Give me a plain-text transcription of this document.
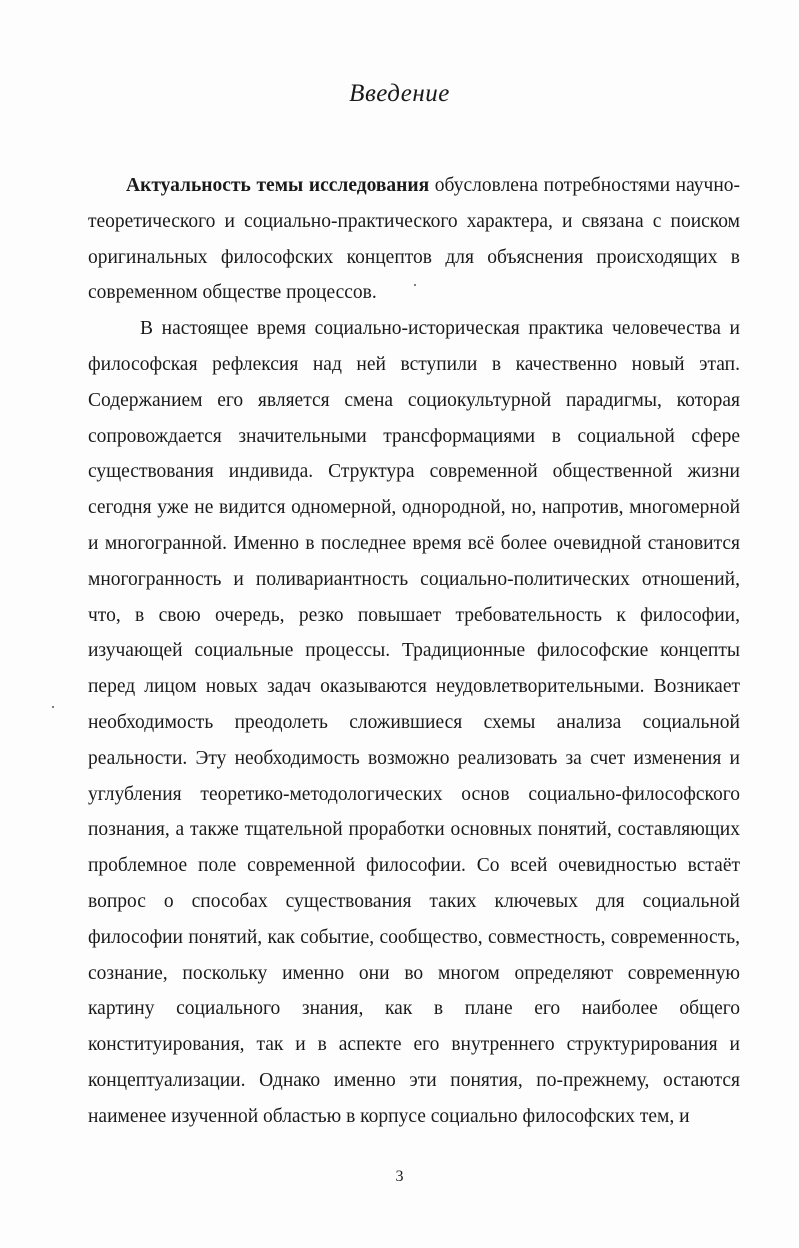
Введение

Актуальность темы исследования обусловлена потребностями научно-теоретического и социально-практического характера, и связана с поиском оригинальных философских концептов для объяснения происходящих в современном обществе процессов.

В настоящее время социально-историческая практика человечества и философская рефлексия над ней вступили в качественно новый этап. Содержанием его является смена социокультурной парадигмы, которая сопровождается значительными трансформациями в социальной сфере существования индивида. Структура современной общественной жизни сегодня уже не видится одномерной, однородной, но, напротив, многомерной и многогранной. Именно в последнее время всё более очевидной становится многогранность и поливариантность социально-политических отношений, что, в свою очередь, резко повышает требовательность к философии, изучающей социальные процессы. Традиционные философские концепты перед лицом новых задач оказываются неудовлетворительными. Возникает необходимость преодолеть сложившиеся схемы анализа социальной реальности. Эту необходимость возможно реализовать за счет изменения и углубления теоретико-методологических основ социально-философского познания, а также тщательной проработки основных понятий, составляющих проблемное поле современной философии. Со всей очевидностью встаёт вопрос о способах существования таких ключевых для социальной философии понятий, как событие, сообщество, совместность, современность, сознание, поскольку именно они во многом определяют современную картину социального знания, как в плане его наиболее общего конституирования, так и в аспекте его внутреннего структурирования и концептуализации. Однако именно эти понятия, по-прежнему, остаются наименее изученной областью в корпусе социально философских тем, и

3
